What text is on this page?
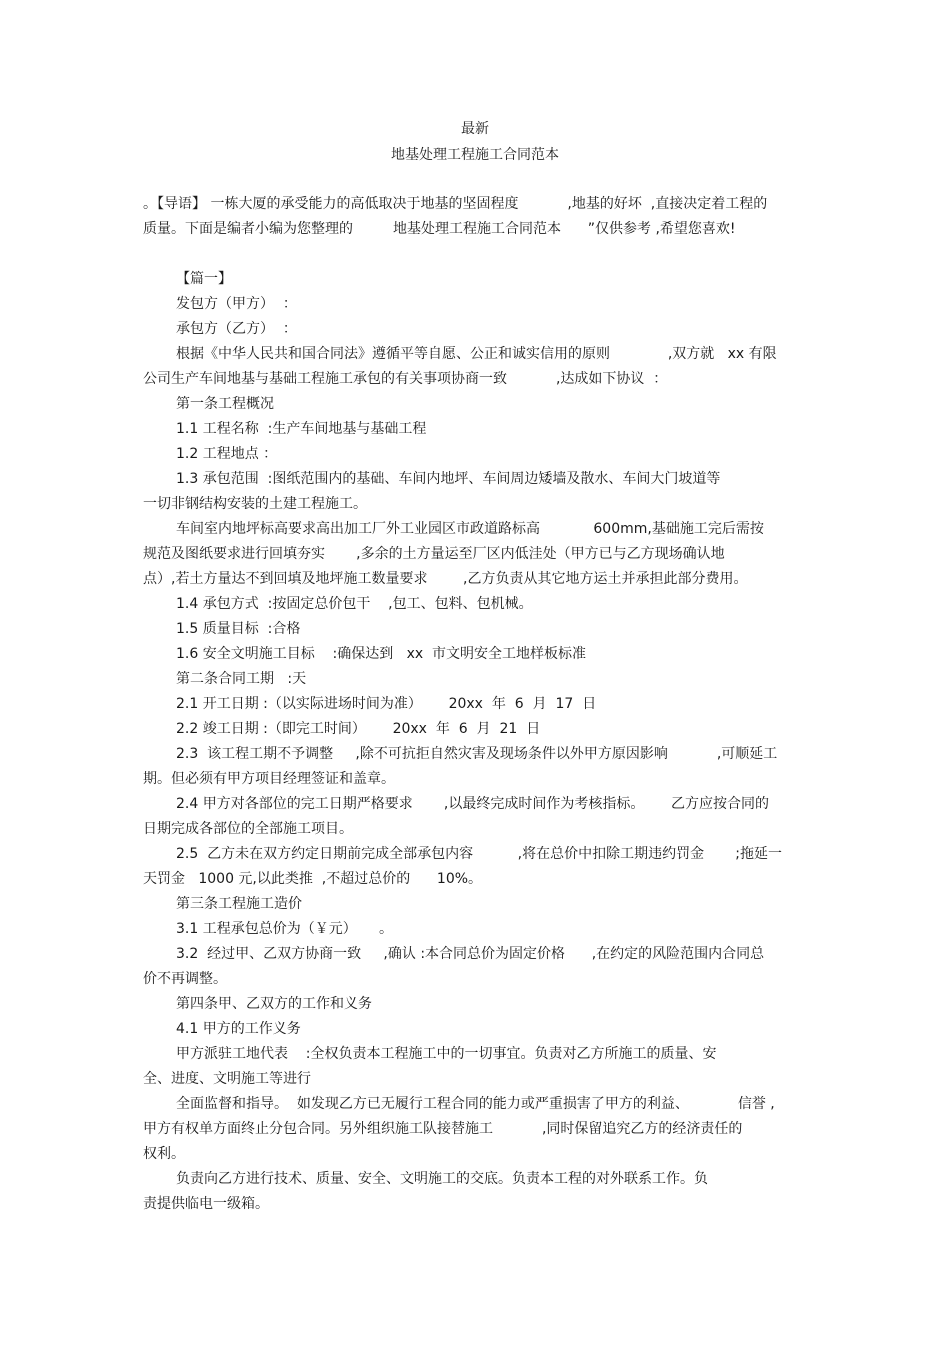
最新
地基处理工程施工合同范本
。【导语】 一栋大厦的承受能力的高低取决于地基的坚固程度           ,地基的好坏  ,直接决定着工程的
质量。下面是编者小编为您整理的         地基处理工程施工合同范本      ”仅供参考 ,希望您喜欢!
【篇一】
发包方（甲方）  ：
承包方（乙方）  ：
根据《中华人民共和国合同法》遵循平等自愿、公正和诚实信用的原则             ,双方就   xx 有限
公司生产车间地基与基础工程施工承包的有关事项协商一致           ,达成如下协议  ：
第一条工程概况
1.1 工程名称  :生产车间地基与基础工程
1.2 工程地点 ：
1.3 承包范围  :图纸范围内的基础、车间内地坪、车间周边矮墙及散水、车间大门坡道等
一切非钢结构安装的土建工程施工。
车间室内地坪标高要求高出加工厂外工业园区市政道路标高            600mm,基础施工完后需按
规范及图纸要求进行回填夯实       ,多余的土方量运至厂区内低洼处（甲方已与乙方现场确认地
点）,若土方量达不到回填及地坪施工数量要求        ,乙方负责从其它地方运土并承担此部分费用。
1.4 承包方式  :按固定总价包干    ,包工、包料、包机械。
1.5 质量目标  :合格
1.6 安全文明施工目标    :确保达到   xx  市文明安全工地样板标准
第二条合同工期   :天
2.1 开工日期 :（以实际进场时间为准）      20xx  年  6  月  17  日
2.2 竣工日期 :（即完工时间）      20xx  年  6  月  21  日
2.3  该工程工期不予调整     ,除不可抗拒自然灾害及现场条件以外甲方原因影响           ,可顺延工
期。但必须有甲方项目经理签证和盖章。
2.4 甲方对各部位的完工日期严格要求       ,以最终完成时间作为考核指标。      乙方应按合同的
日期完成各部位的全部施工项目。
2.5  乙方未在双方约定日期前完成全部承包内容          ,将在总价中扣除工期违约罚金       ;拖延一
天罚金   1000 元,以此类推  ,不超过总价的      10%。
第三条工程施工造价
3.1 工程承包总价为（￥元）     。
3.2  经过甲、乙双方协商一致     ,确认 :本合同总价为固定价格      ,在约定的风险范围内合同总
价不再调整。
第四条甲、乙双方的工作和义务
4.1 甲方的工作义务
甲方派驻工地代表    :全权负责本工程施工中的一切事宜。负责对乙方所施工的质量、安
全、进度、文明施工等进行
全面监督和指导。  如发现乙方已无履行工程合同的能力或严重损害了甲方的利益、           信誉 ,
甲方有权单方面终止分包合同。另外组织施工队接替施工           ,同时保留追究乙方的经济责任的
权利。
负责向乙方进行技术、质量、安全、文明施工的交底。负责本工程的对外联系工作。负
责提供临电一级箱。
